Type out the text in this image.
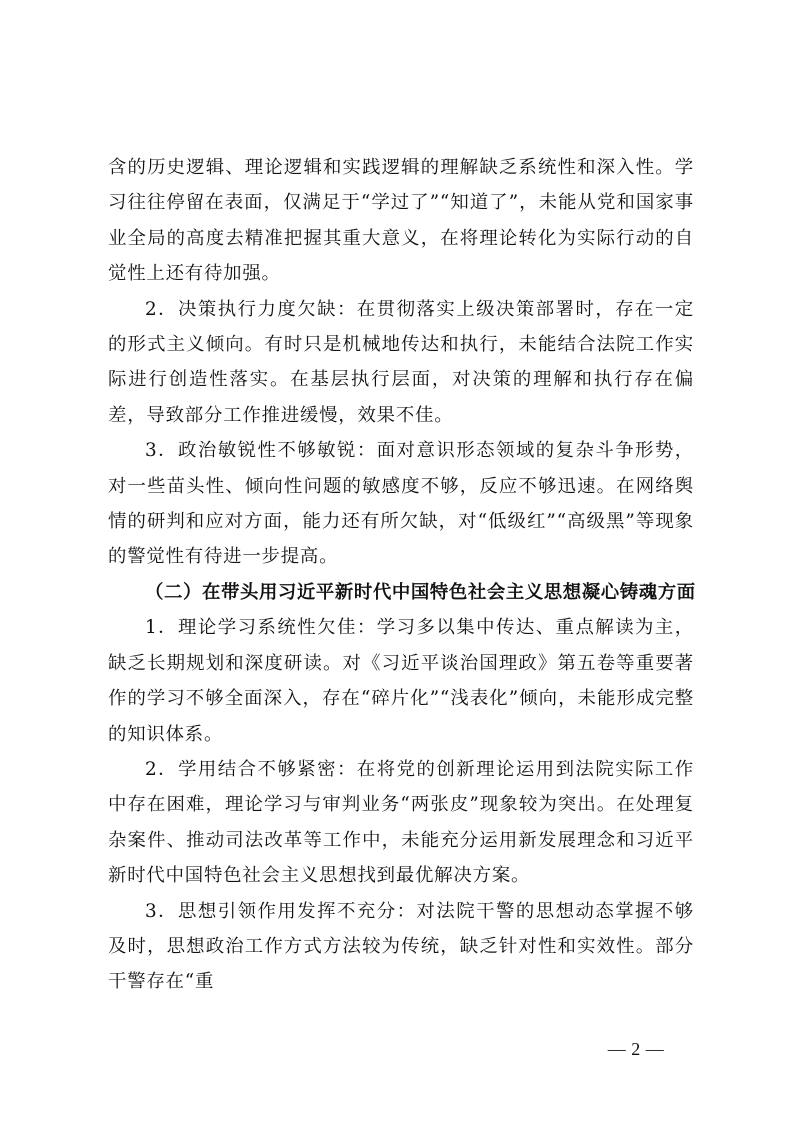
含的历史逻辑、理论逻辑和实践逻辑的理解缺乏系统性和深入性。学习往往停留在表面，仅满足于“学过了”“知道了”，未能从党和国家事业全局的高度去精准把握其重大意义，在将理论转化为实际行动的自觉性上还有待加强。

2．决策执行力度欠缺：在贯彻落实上级决策部署时，存在一定的形式主义倾向。有时只是机械地传达和执行，未能结合法院工作实际进行创造性落实。在基层执行层面，对决策的理解和执行存在偏差，导致部分工作推进缓慢，效果不佳。

3．政治敏锐性不够敏锐：面对意识形态领域的复杂斗争形势，对一些苗头性、倾向性问题的敏感度不够，反应不够迅速。在网络舆情的研判和应对方面，能力还有所欠缺，对“低级红”“高级黑”等现象的警觉性有待进一步提高。

（二）在带头用习近平新时代中国特色社会主义思想凝心铸魂方面

1．理论学习系统性欠佳：学习多以集中传达、重点解读为主，缺乏长期规划和深度研读。对《习近平谈治国理政》第五卷等重要著作的学习不够全面深入，存在“碎片化”“浅表化”倾向，未能形成完整的知识体系。

2．学用结合不够紧密：在将党的创新理论运用到法院实际工作中存在困难，理论学习与审判业务“两张皮”现象较为突出。在处理复杂案件、推动司法改革等工作中，未能充分运用新发展理念和习近平新时代中国特色社会主义思想找到最优解决方案。

3．思想引领作用发挥不充分：对法院干警的思想动态掌握不够及时，思想政治工作方式方法较为传统，缺乏针对性和实效性。部分干警存在“重

— 2 —
